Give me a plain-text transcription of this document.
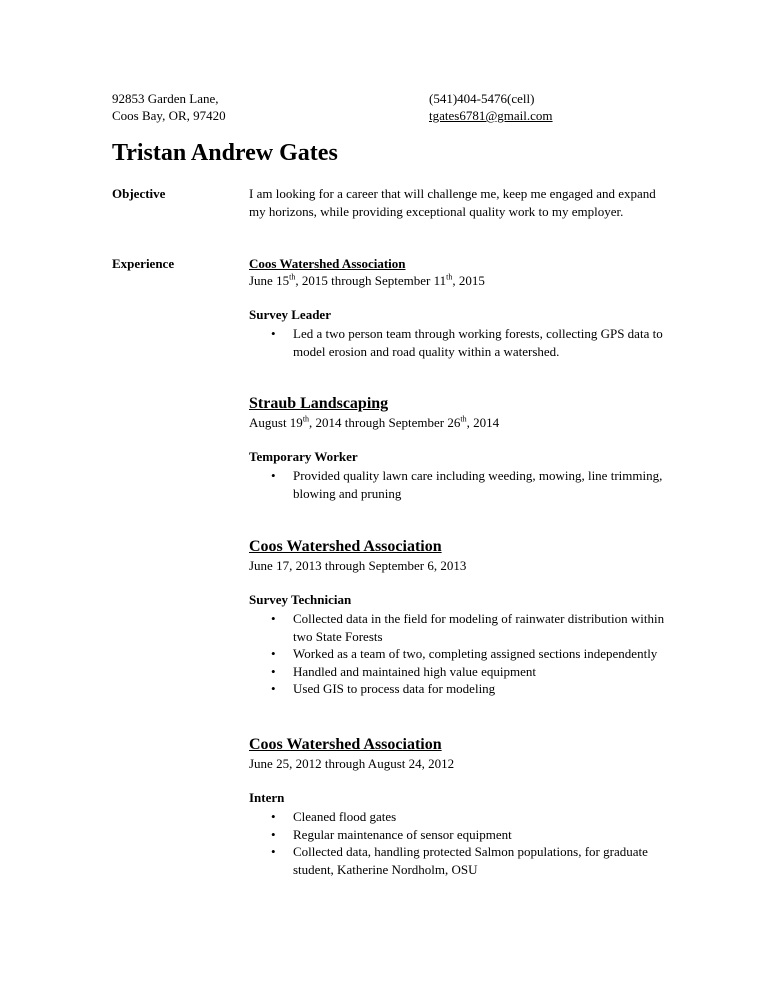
92853 Garden Lane,
Coos Bay, OR, 97420
(541)404-5476(cell)
tgates6781@gmail.com
Tristan Andrew Gates
Objective	I am looking for a career that will challenge me, keep me engaged and expand my horizons, while providing exceptional quality work to my employer.
Experience	Coos Watershed Association
June 15th, 2015 through September 11th, 2015
Survey Leader
• Led a two person team through working forests, collecting GPS data to model erosion and road quality within a watershed.
Straub Landscaping
August 19th, 2014 through September 26th, 2014
Temporary Worker
• Provided quality lawn care including weeding, mowing, line trimming, blowing and pruning
Coos Watershed Association
June 17, 2013 through September 6, 2013
Survey Technician
• Collected data in the field for modeling of rainwater distribution within two State Forests
• Worked as a team of two, completing assigned sections independently
• Handled and maintained high value equipment
• Used GIS to process data for modeling
Coos Watershed Association
June 25, 2012 through August 24, 2012
Intern
• Cleaned flood gates
• Regular maintenance of sensor equipment
• Collected data, handling protected Salmon populations, for graduate student, Katherine Nordholm, OSU
